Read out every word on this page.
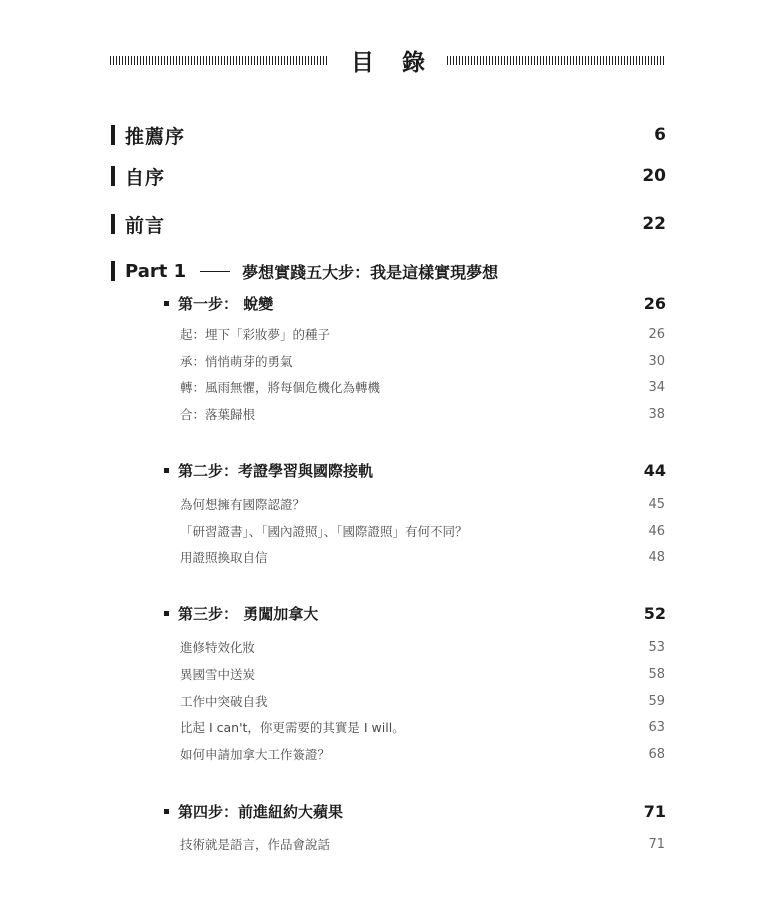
目 錄
推薦序	6
自序	20
前言	22
Part 1	夢想實踐五大步：我是這樣實現夢想
第一步： 蛻變	26
起：埋下「彩妝夢」的種子	26
承：悄悄萌芽的勇氣	30
轉：風雨無懼，將每個危機化為轉機	34
合：落葉歸根	38
第二步：考證學習與國際接軌	44
為何想擁有國際認證？	45
「研習證書」、「國內證照」、「國際證照」有何不同？	46
用證照換取自信	48
第三步： 勇闖加拿大	52
進修特效化妝	53
異國雪中送炭	58
工作中突破自我	59
比起 I can't，你更需要的其實是 I will。	63
如何申請加拿大工作簽證？	68
第四步：前進紐約大蘋果	71
技術就是語言，作品會說話	71
